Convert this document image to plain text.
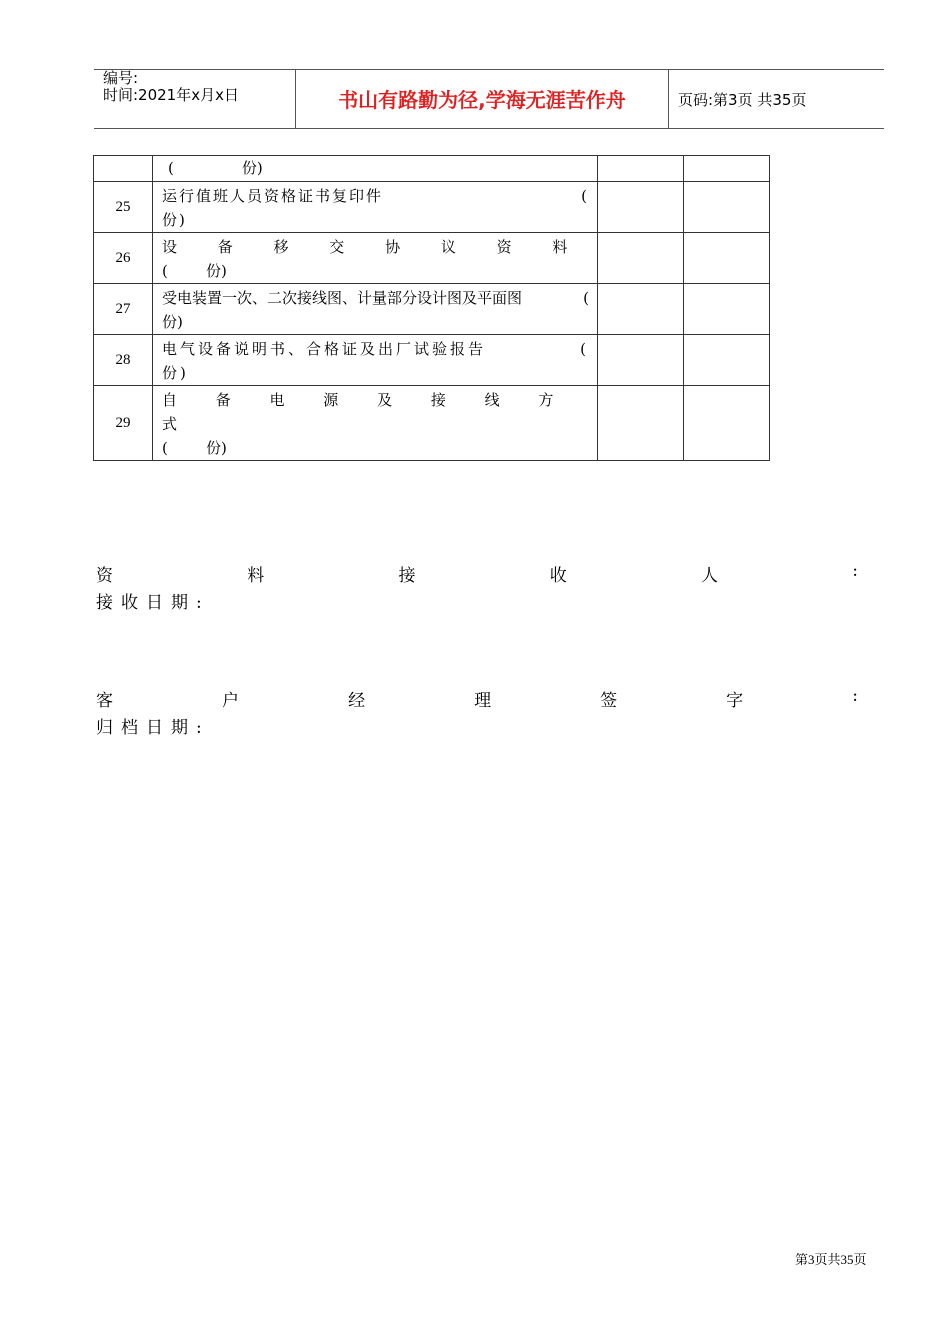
编号:
时间:2021年x月x日	书山有路勤为径,学海无涯苦作舟	页码:第3页 共35页

	( 份)		

25	运行值班人员资格证书复印件 (
份)		

26	设 备 移 交 协 议 资 料
(        份)		

27	受电装置一次、二次接线图、计量部分设计图及平面图 (
份)		

28	电气设备说明书、合格证及出厂试验报告 (
份)		

29	自 备 电 源 及 接 线 方 式
(        份)		

资	料	接	收	人	:
接收日期:
客	户	经	理	签	字	:
归档日期:
第3页共35页
